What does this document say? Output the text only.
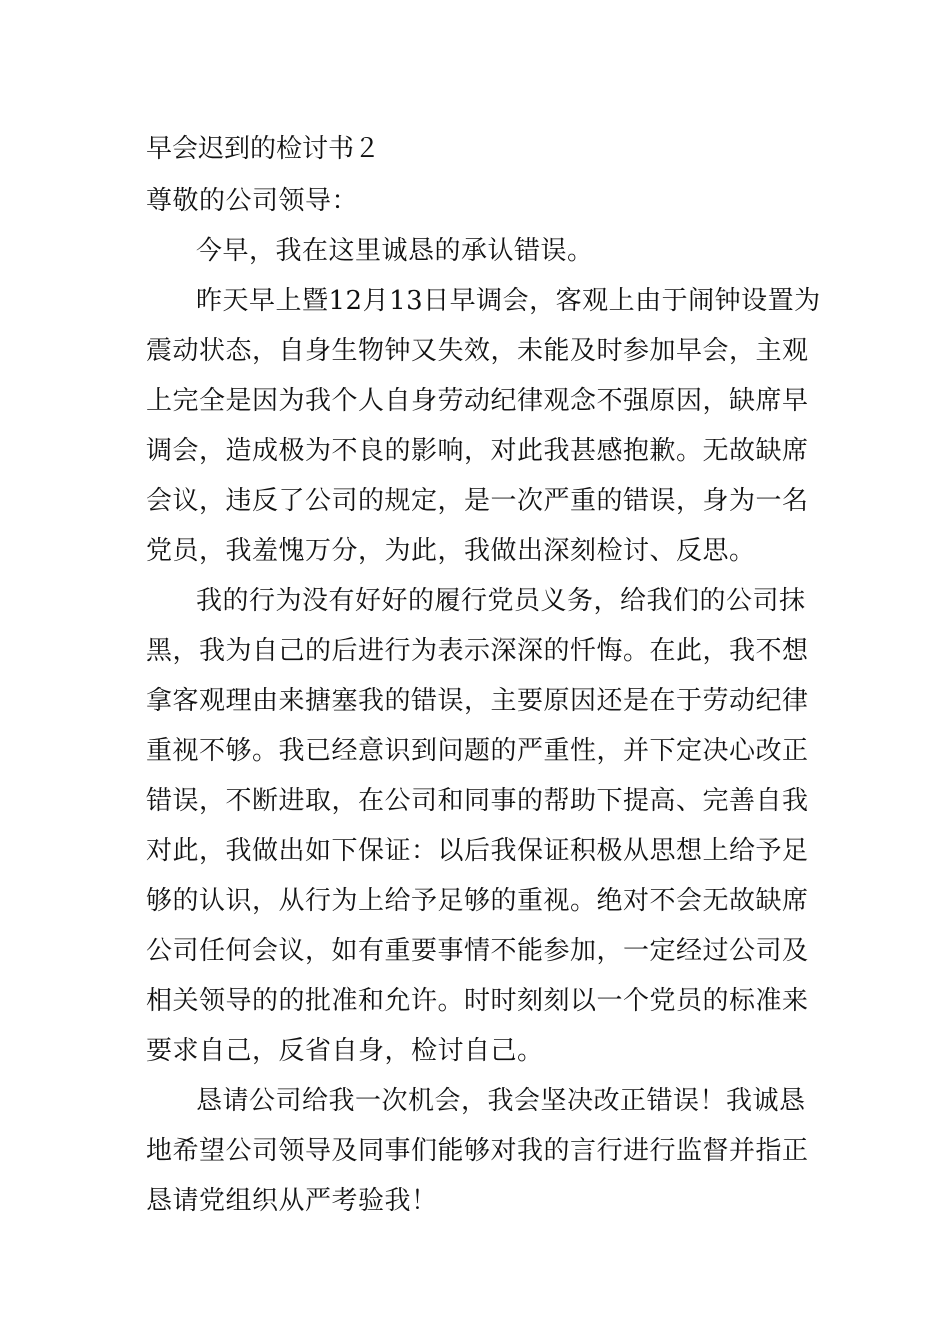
早会迟到的检讨书２
尊敬的公司领导：
今早，我在这里诚恳的承认错误。
昨天早上暨12月13日早调会，客观上由于闹钟设置为
震动状态，自身生物钟又失效，未能及时参加早会，主观
上完全是因为我个人自身劳动纪律观念不强原因，缺席早
调会，造成极为不良的影响，对此我甚感抱歉。无故缺席
会议，违反了公司的规定，是一次严重的错误，身为一名
党员，我羞愧万分，为此，我做出深刻检讨、反思。
我的行为没有好好的履行党员义务，给我们的公司抹
黑，我为自己的后进行为表示深深的忏悔。在此，我不想
拿客观理由来搪塞我的错误，主要原因还是在于劳动纪律
重视不够。我已经意识到问题的严重性，并下定决心改正
错误，不断进取，在公司和同事的帮助下提高、完善自我
对此，我做出如下保证：以后我保证积极从思想上给予足
够的认识，从行为上给予足够的重视。绝对不会无故缺席
公司任何会议，如有重要事情不能参加，一定经过公司及
相关领导的的批准和允许。时时刻刻以一个党员的标准来
要求自己，反省自身，检讨自己。
恳请公司给我一次机会，我会坚决改正错误！我诚恳
地希望公司领导及同事们能够对我的言行进行监督并指正
恳请党组织从严考验我！
